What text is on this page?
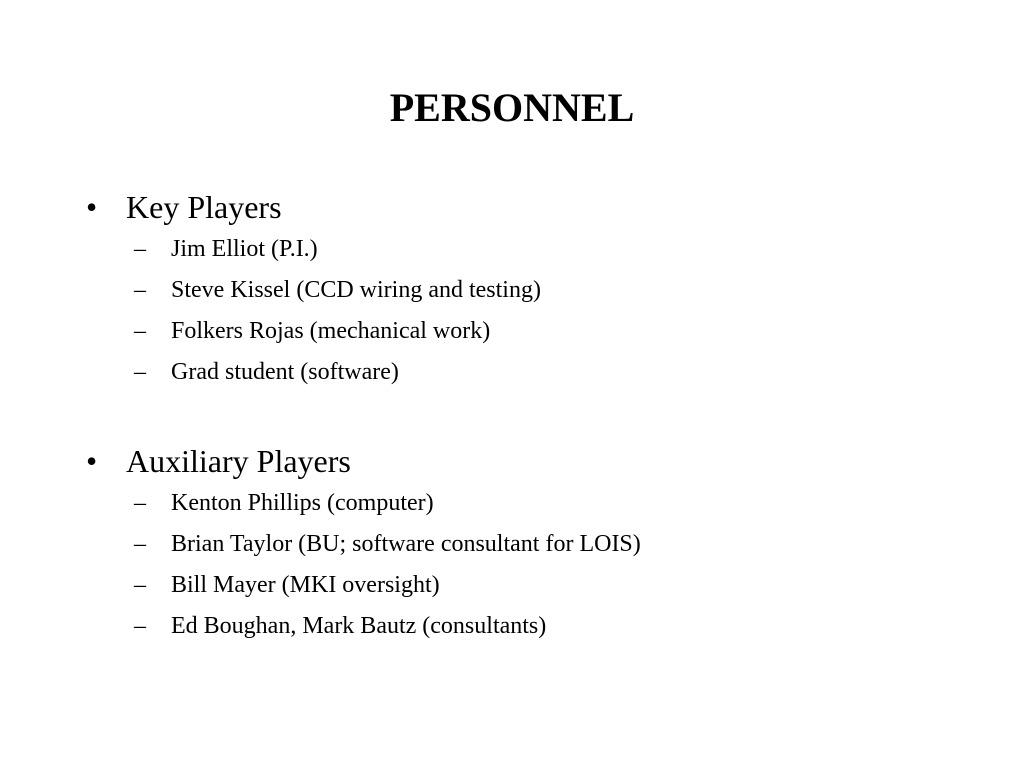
PERSONNEL
• Key Players
–	Jim Elliot (P.I.)
–	Steve Kissel (CCD wiring and testing)
–	Folkers Rojas (mechanical work)
–	Grad student (software)
• Auxiliary Players
–	Kenton Phillips (computer)
–	Brian Taylor (BU; software consultant for LOIS)
–	Bill Mayer (MKI oversight)
–	Ed Boughan, Mark Bautz (consultants)
